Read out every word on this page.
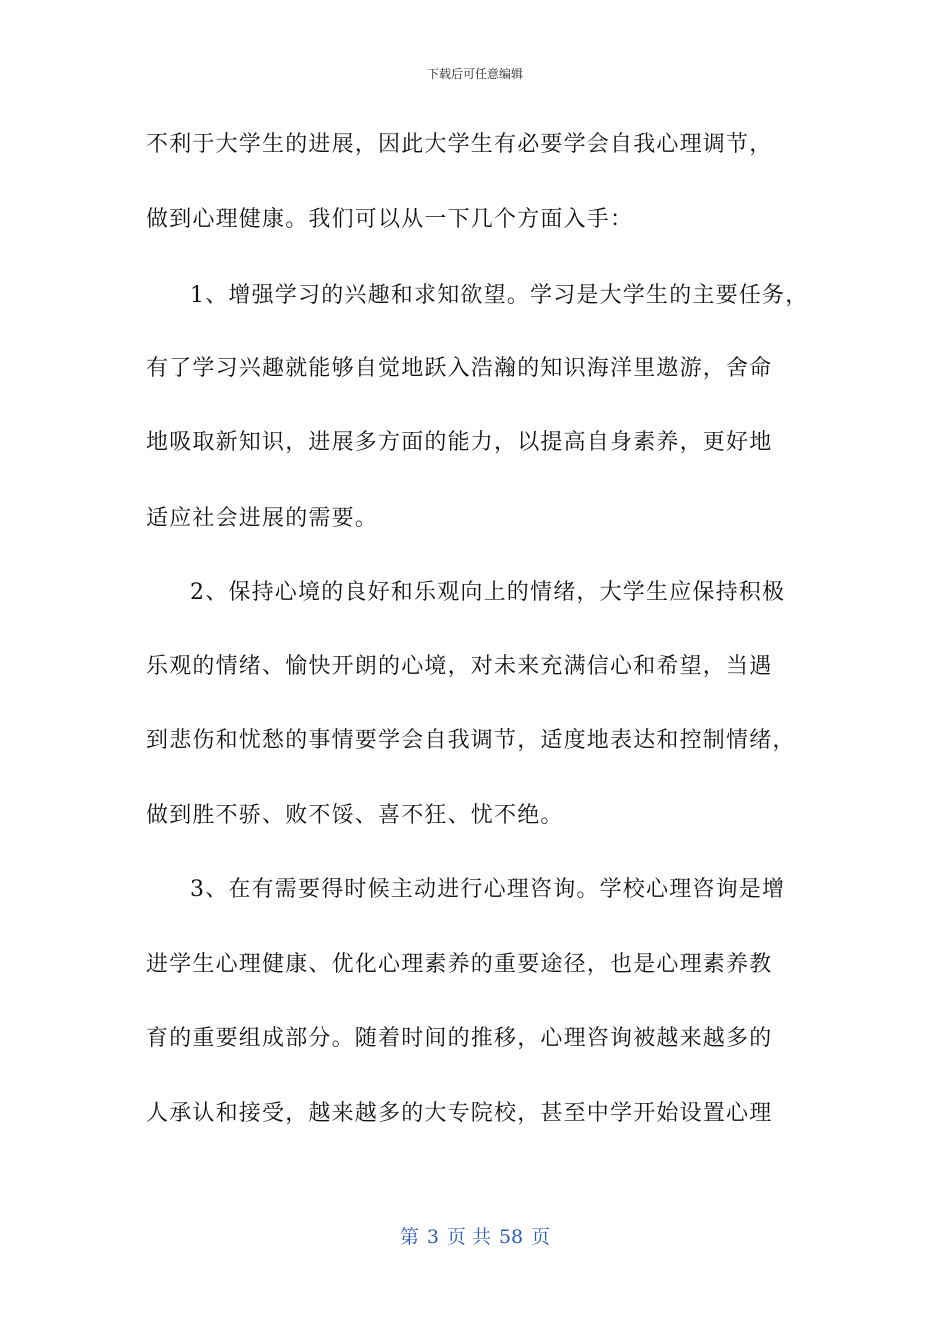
下载后可任意编辑
不利于大学生的进展，因此大学生有必要学会自我心理调节，
做到心理健康。我们可以从一下几个方面入手：
1、增强学习的兴趣和求知欲望。学习是大学生的主要任务，
有了学习兴趣就能够自觉地跃入浩瀚的知识海洋里遨游，舍命
地吸取新知识，进展多方面的能力，以提高自身素养，更好地
适应社会进展的需要。
2、保持心境的良好和乐观向上的情绪，大学生应保持积极
乐观的情绪、愉快开朗的心境，对未来充满信心和希望，当遇
到悲伤和忧愁的事情要学会自我调节，适度地表达和控制情绪，
做到胜不骄、败不馁、喜不狂、忧不绝。
3、在有需要得时候主动进行心理咨询。学校心理咨询是增
进学生心理健康、优化心理素养的重要途径，也是心理素养教
育的重要组成部分。随着时间的推移，心理咨询被越来越多的
人承认和接受，越来越多的大专院校，甚至中学开始设置心理
第 3 页 共 58 页
